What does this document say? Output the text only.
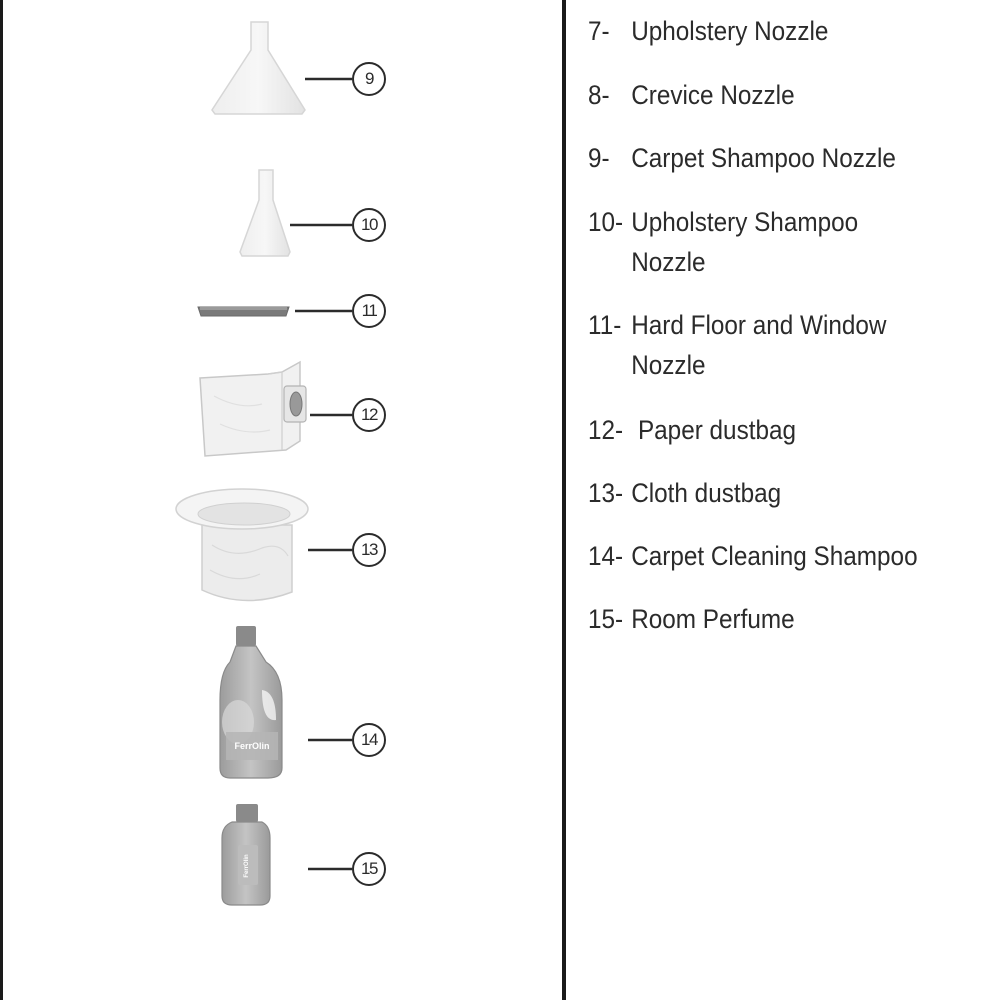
FerrOlin
FerrOlin
9
10
11
12
13
14
15
7- Upholstery Nozzle
8- Crevice Nozzle
9- Carpet Shampoo Nozzle
10- Upholstery Shampoo
Nozzle
11- Hard Floor and Window
Nozzle
12- Paper dustbag
13- Cloth dustbag
14- Carpet Cleaning Shampoo
15- Room Perfume
